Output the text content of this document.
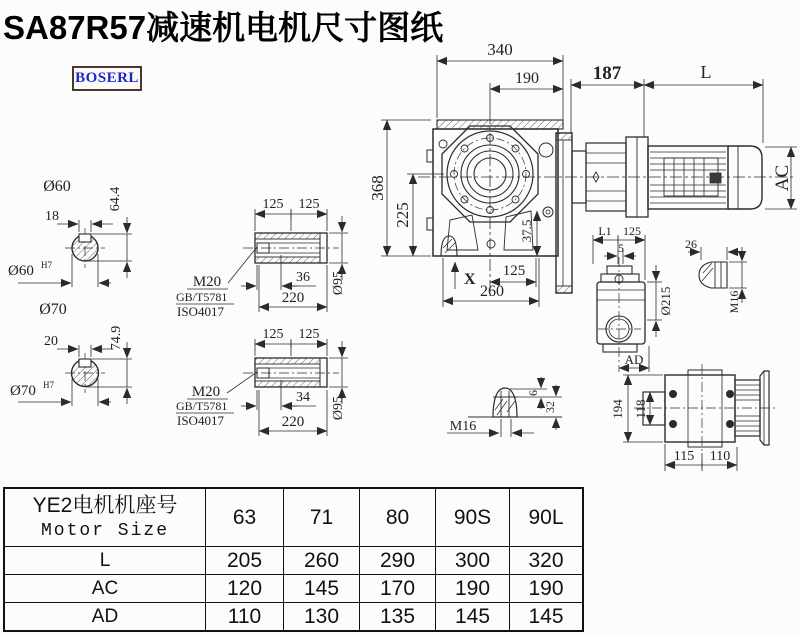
SA87R57减速机电机尺寸图纸
BOSERL
340
190	187	L
AC
368
225
37.5
X 125
260
Ø60
18
64.4
Ø60 H7
Ø70
20	74.9
Ø70 H7
125 125
36
220
Ø95
M20
GB/T5781
ISO4017
125 125
34
220
Ø95
M20
GB/T5781
ISO4017
L1 125
5
Ø215
AD
26
M16
M16
6
32	194 118
115 110
YE2电机机座号
Motor Size	63	71	80	90S	90L
L	205	260	290	300	320
AC	120	145	170	190	190
AD	110	130	135	145	145
